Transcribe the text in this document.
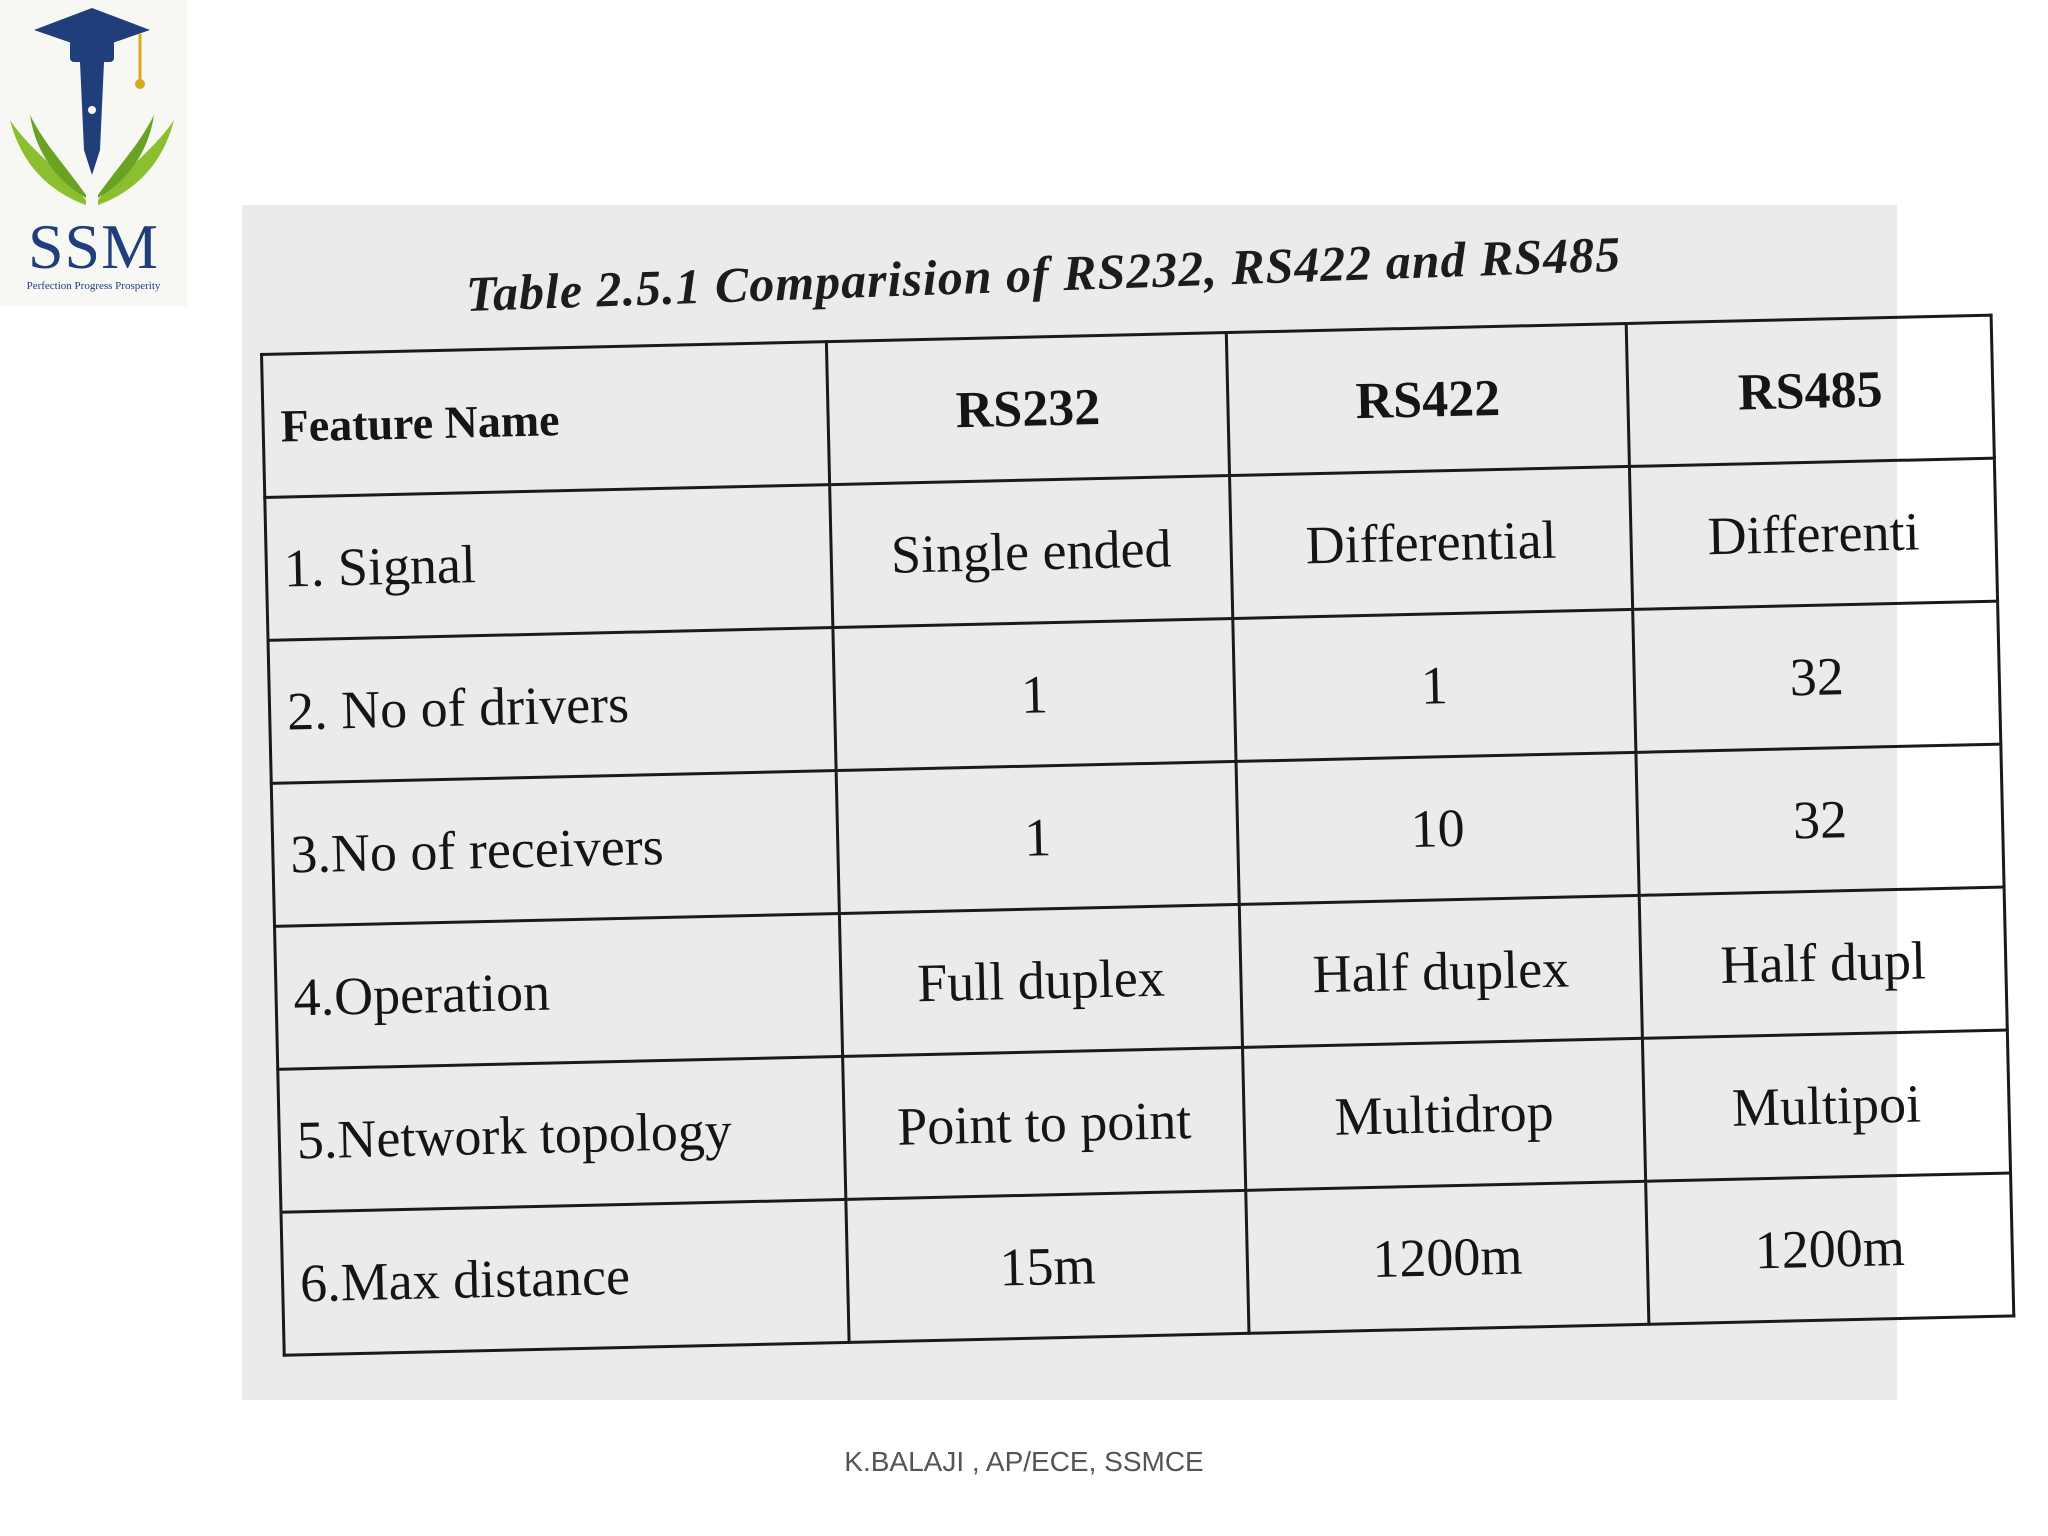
SSM
Perfection Progress Prosperity	Table 2.5.1 Comparision of RS232, RS422 and RS485
Feature Name	RS232	RS422	RS485
1. Signal	Single ended	Differential	Differenti
2. No of drivers	1	1	32
3.No of receivers	1	10	32
4.Operation	Full duplex	Half duplex	Half dupl
5.Network topology	Point to point	Multidrop	Multipoi
6.Max distance	15m	1200m	1200m
K.BALAJI , AP/ECE, SSMCE
